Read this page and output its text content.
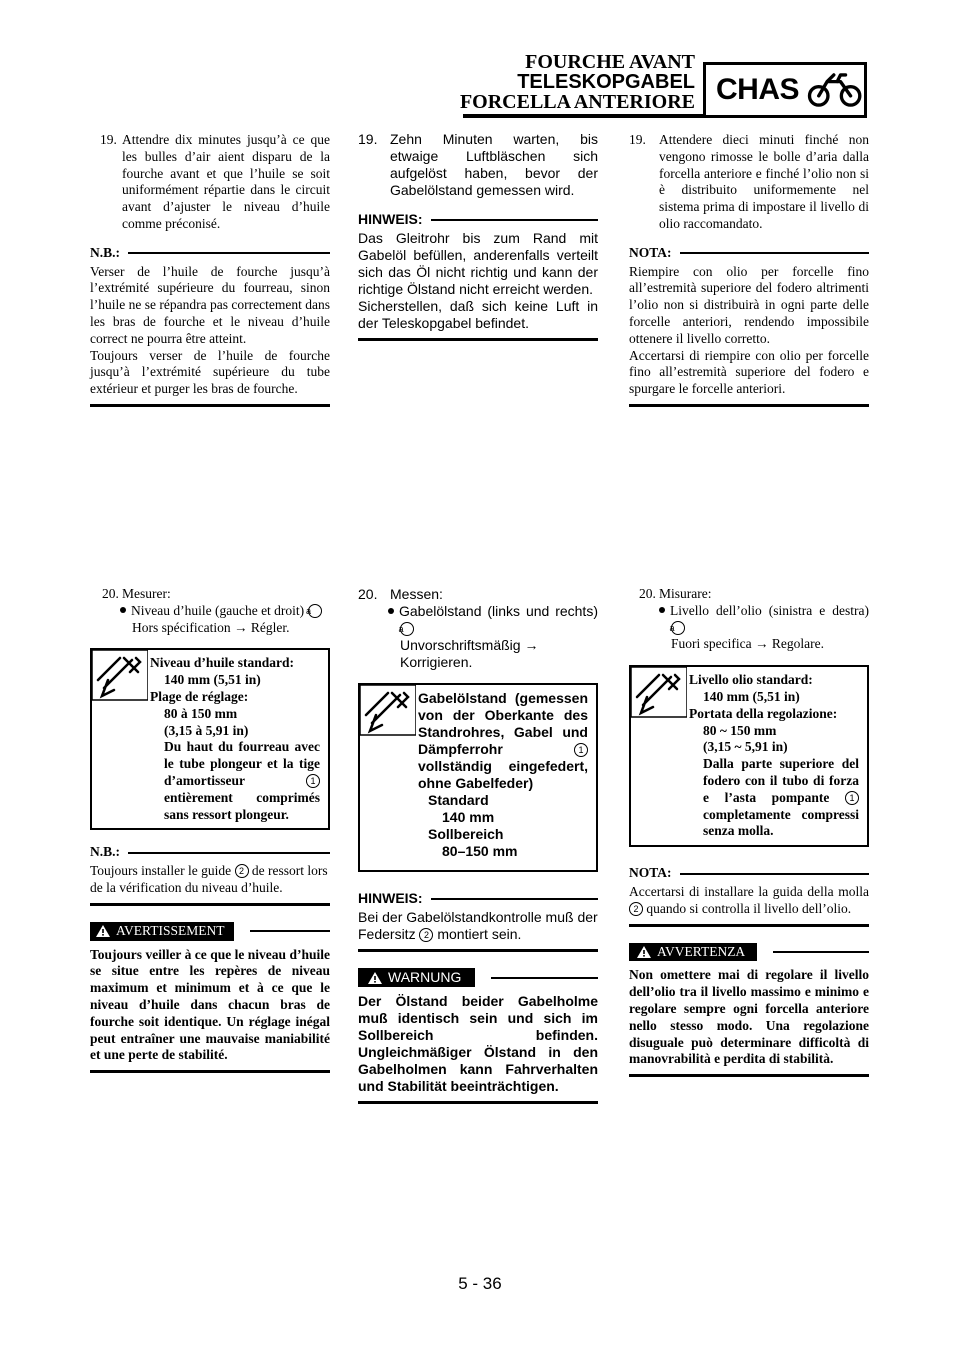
FOURCHE AVANT
TELESKOPGABEL
FORCELLA ANTERIORE CHAS
19. Attendre dix minutes jusqu’à ce que les bulles d’air aient disparu de la fourche avant et que l’huile se soit uniformément répartie dans le circuit avant d’ajuster le niveau d’huile comme préconisé.
N.B.:
Verser de l’huile de fourche jusqu’à l’extrémité supérieure du fourreau, sinon l’huile ne se répandra pas correctement dans les bras de fourche et le niveau d’huile correct ne pourra être atteint.
Toujours verser de l’huile de fourche jusqu’à l’extrémité supérieure du tube extérieur et purger les bras de fourche.
19. Zehn Minuten warten, bis etwaige Luftbläschen sich aufgelöst haben, bevor der Gabelölstand gemessen wird.
HINWEIS:
Das Gleitrohr bis zum Rand mit Gabelöl befüllen, anderenfalls verteilt sich das Öl nicht richtig und kann der richtige Ölstand nicht erreicht werden.
Sicherstellen, daß sich keine Luft in der Teleskopgabel befindet.
19. Attendere dieci minuti finché non vengono rimosse le bolle d’aria dalla forcella anteriore e finché l’olio non si è distribuito uniformemente nel sistema prima di impostare il livello di olio raccomandato.
NOTA:
Riempire con olio per forcelle fino all’estremità superiore del fodero altrimenti l’olio non si distribuirà in ogni parte delle forcelle anteriori, rendendo impossibile ottenere il livello corretto.
Accertarsi di riempire con olio per forcelle fino all’estremità superiore del fodero e spurgare le forcelle anteriori.
20. Mesurer:
Niveau d’huile (gauche et droit) a
Hors spécification → Régler.
Niveau d’huile standard:
140 mm (5,51 in)
Plage de réglage:
80 à 150 mm
(3,15 à 5,91 in)
Du haut du fourreau avec le tube plongeur et la tige d’amortisseur	1 entièrement comprimés sans ressort plongeur.
N.B.:
Toujours installer le guide 2 de ressort lors de la vérification du niveau d’huile.
AVERTISSEMENT
Toujours veiller à ce que le niveau d’huile se situe entre les repères de niveau maximum et minimum et à ce que le niveau d’huile dans chacun bras de fourche soit identique. Un réglage inégal peut entraîner une mauvaise maniabilité et une perte de stabilité.
20. Messen:
Gabelölstand (links und rechts) a
Unvorschriftsmäßig → Korrigieren.
Gabelölstand (gemessen von der Oberkante des Standrohres, Gabel und Dämpferrohr	1 vollständig eingefedert, ohne Gabelfeder)
Standard
140 mm
Sollbereich
80–150 mm
HINWEIS:
Bei der Gabelölstandkontrolle muß der Federsitz 2 montiert sein.
WARNUNG
Der Ölstand beider Gabelholme muß identisch sein und sich im Sollbereich befinden. Ungleichmäßiger Ölstand in den Gabelholmen kann Fahrverhalten und Stabilität beeinträchtigen.
20. Misurare:
Livello dell’olio (sinistra e destra) a
Fuori specifica → Regolare.
Livello olio standard:
140 mm (5,51 in)
Portata della regolazione:
80 ~ 150 mm
(3,15 ~ 5,91 in)
Dalla parte superiore del fodero con il tubo di forza e l’asta pompante 1 completamente compressi senza molla.
NOTA:
Accertarsi di installare la guida della molla 2 quando si controlla il livello dell’olio.
AVVERTENZA
Non omettere mai di regolare il livello dell’olio tra il livello massimo e minimo e regolare sempre ogni forcella anteriore nello stesso modo. Una regolazione disuguale può determinare difficoltà di manovrabilità e perdita di stabilità.
5 - 36
